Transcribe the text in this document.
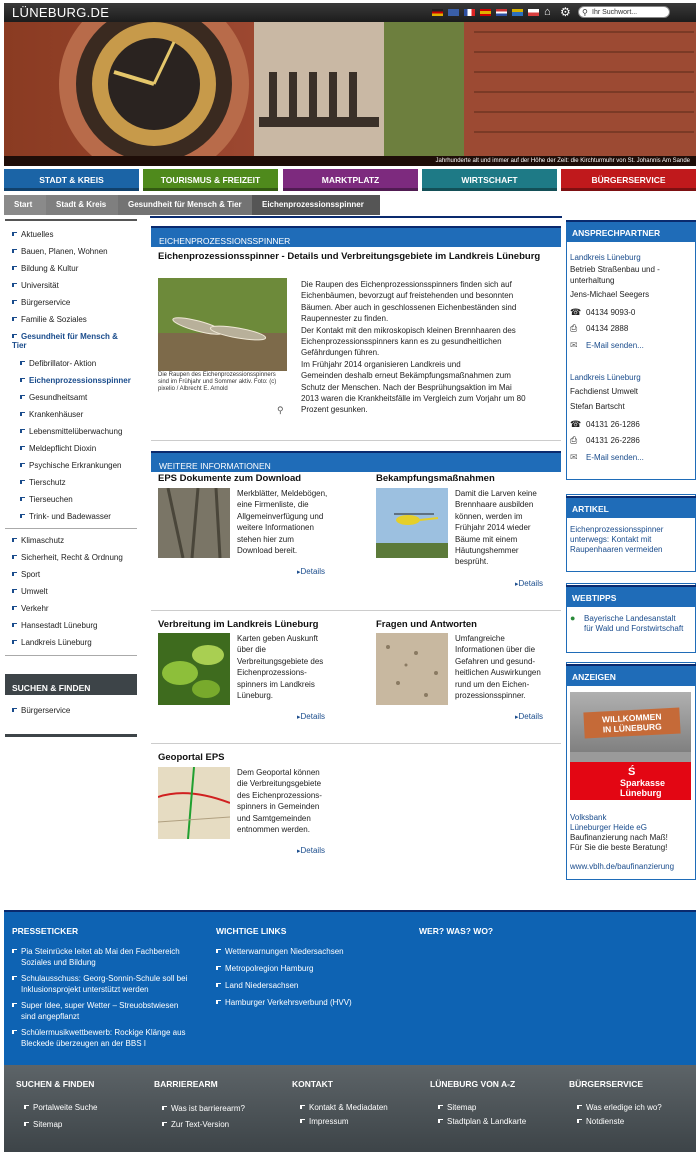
LÜNEBURG.DE	⌂ ⚙ ⚲ Ihr Suchwort...
Jahrhunderte alt und immer auf der Höhe der Zeit: die Kirchturmuhr von St. Johannis Am Sande
STADT & KREIS	TOURISMUS & FREIZEIT	MARKTPLATZ	WIRTSCHAFT	BÜRGERSERVICE
Start	Stadt & Kreis	Gesundheit für Mensch & Tier	Eichenprozessionsspinner
Aktuelles
Bauen, Planen, Wohnen
Bildung & Kultur
Universität
Bürgerservice
Familie & Soziales
Gesundheit für Mensch & Tier
Defibrillator- Aktion
Eichenprozessionsspinner
Gesundheitsamt
Krankenhäuser
Lebensmittelüberwachung
Meldepflicht Dioxin
Psychische Erkrankungen
Tierschutz
Tierseuchen
Trink- und Badewasser
Klimaschutz
Sicherheit, Recht & Ordnung
Sport
Umwelt
Verkehr
Hansestadt Lüneburg
Landkreis Lüneburg
SUCHEN & FINDEN
Bürgerservice
EICHENPROZESSIONSSPINNER
Eichenprozessionsspinner - Details und Verbreitungsgebiete im Landkreis Lüneburg
Die Raupen des Eichenprozessionsspinners sind im Frühjahr und Sommer aktiv. Foto: (c) pixelio / Albrecht E. Arnold
⚲
Die Raupen des Eichenprozessionsspinners finden sich auf
Eichenbäumen, bevorzugt auf freistehenden und besonnten
Bäumen. Aber auch in geschlossenen Eichenbeständen sind
Raupennester zu finden.
Der Kontakt mit den mikroskopisch kleinen Brennhaaren des
Eichenprozessionsspinners kann es zu gesundheitlichen
Gefährdungen führen.
Im Frühjahr 2014 organisieren Landkreis und
Gemeinden deshalb erneut Bekämpfungsmaßnahmen zum
Schutz der Menschen. Nach der Besprühungsaktion im Mai
2013 waren die Krankheitsfälle im Vergleich zum Vorjahr um 80
Prozent gesunken.
WEITERE INFORMATIONEN
EPS Dokumente zum Download
Merkblätter, Meldebögen,
eine Firmenliste, die
Allgemeinverfügung und
weitere Informationen
stehen hier zum
Download bereit.
▸ Details
Bekampfungsmaßnahmen
Damit die Larven keine
Brennhaare ausbilden
können, werden im
Frühjahr 2014 wieder
Bäume mit einem
Häutungshemmer
besprüht.
▸ Details
Verbreitung im Landkreis Lüneburg
Karten geben Auskunft
über die
Verbreitungsgebiete des
Eichenprozessions-
spinners im Landkreis
Lüneburg.
▸ Details
Fragen und Antworten
Umfangreiche
Informationen über die
Gefahren und gesund-
heitlichen Auswirkungen
rund um den Eichen-
prozessionsspinner.
▸ Details
Geoportal EPS
Dem Geoportal können
die Verbreitungsgebiete
des Eichenprozessions-
spinners in Gemeinden
und Samtgemeinden
entnommen werden.
▸ Details
ANSPRECHPARTNER
Landkreis Lüneburg
Betrieb Straßenbau und -
unterhaltung
Jens-Michael Seegers
☎ 04134 9093-0
⎙ 04134 2888
✉ E-Mail senden...
Landkreis Lüneburg
Fachdienst Umwelt
Stefan Bartscht
☎ 04131 26-1286
⎙ 04131 26-2286
✉ E-Mail senden...
ARTIKEL
Eichenprozessionsspinner
unterwegs: Kontakt mit
Raupenhaaren vermeiden
WEBTIPPS
● Bayerische Landesanstalt
für Wald und Forstwirtschaft
ANZEIGEN
WILLKOMMEN
IN LÜNEBURG
Ś
Sparkasse
Lüneburg
Volksbank
Lüneburger Heide eG
Baufinanzierung nach Maß!
Für Sie die beste Beratung!
www.vblh.de/baufinanzierung
PRESSETICKER
Pia Steinrücke leitet ab Mai den Fachbereich
Soziales und Bildung
Schulausschuss: Georg-Sonnin-Schule soll bei
Inklusionsprojekt unterstützt werden
Super Idee, super Wetter – Streuobstwiesen
sind angepflanzt
Schülermusikwettbewerb: Rockige Klänge aus
Bleckede überzeugen an der BBS I
WICHTIGE LINKS
Wetterwarnungen Niedersachsen
Metropolregion Hamburg
Land Niedersachsen
Hamburger Verkehrsverbund (HVV)
WER? WAS? WO?
SUCHEN & FINDEN
Portalweite Suche
Sitemap
BARRIEREARM
Was ist barrierearm?
Zur Text-Version
KONTAKT
Kontakt & Mediadaten
Impressum
LÜNEBURG VON A-Z
Sitemap
Stadtplan & Landkarte
BÜRGERSERVICE
Was erledige ich wo?
Notdienste
